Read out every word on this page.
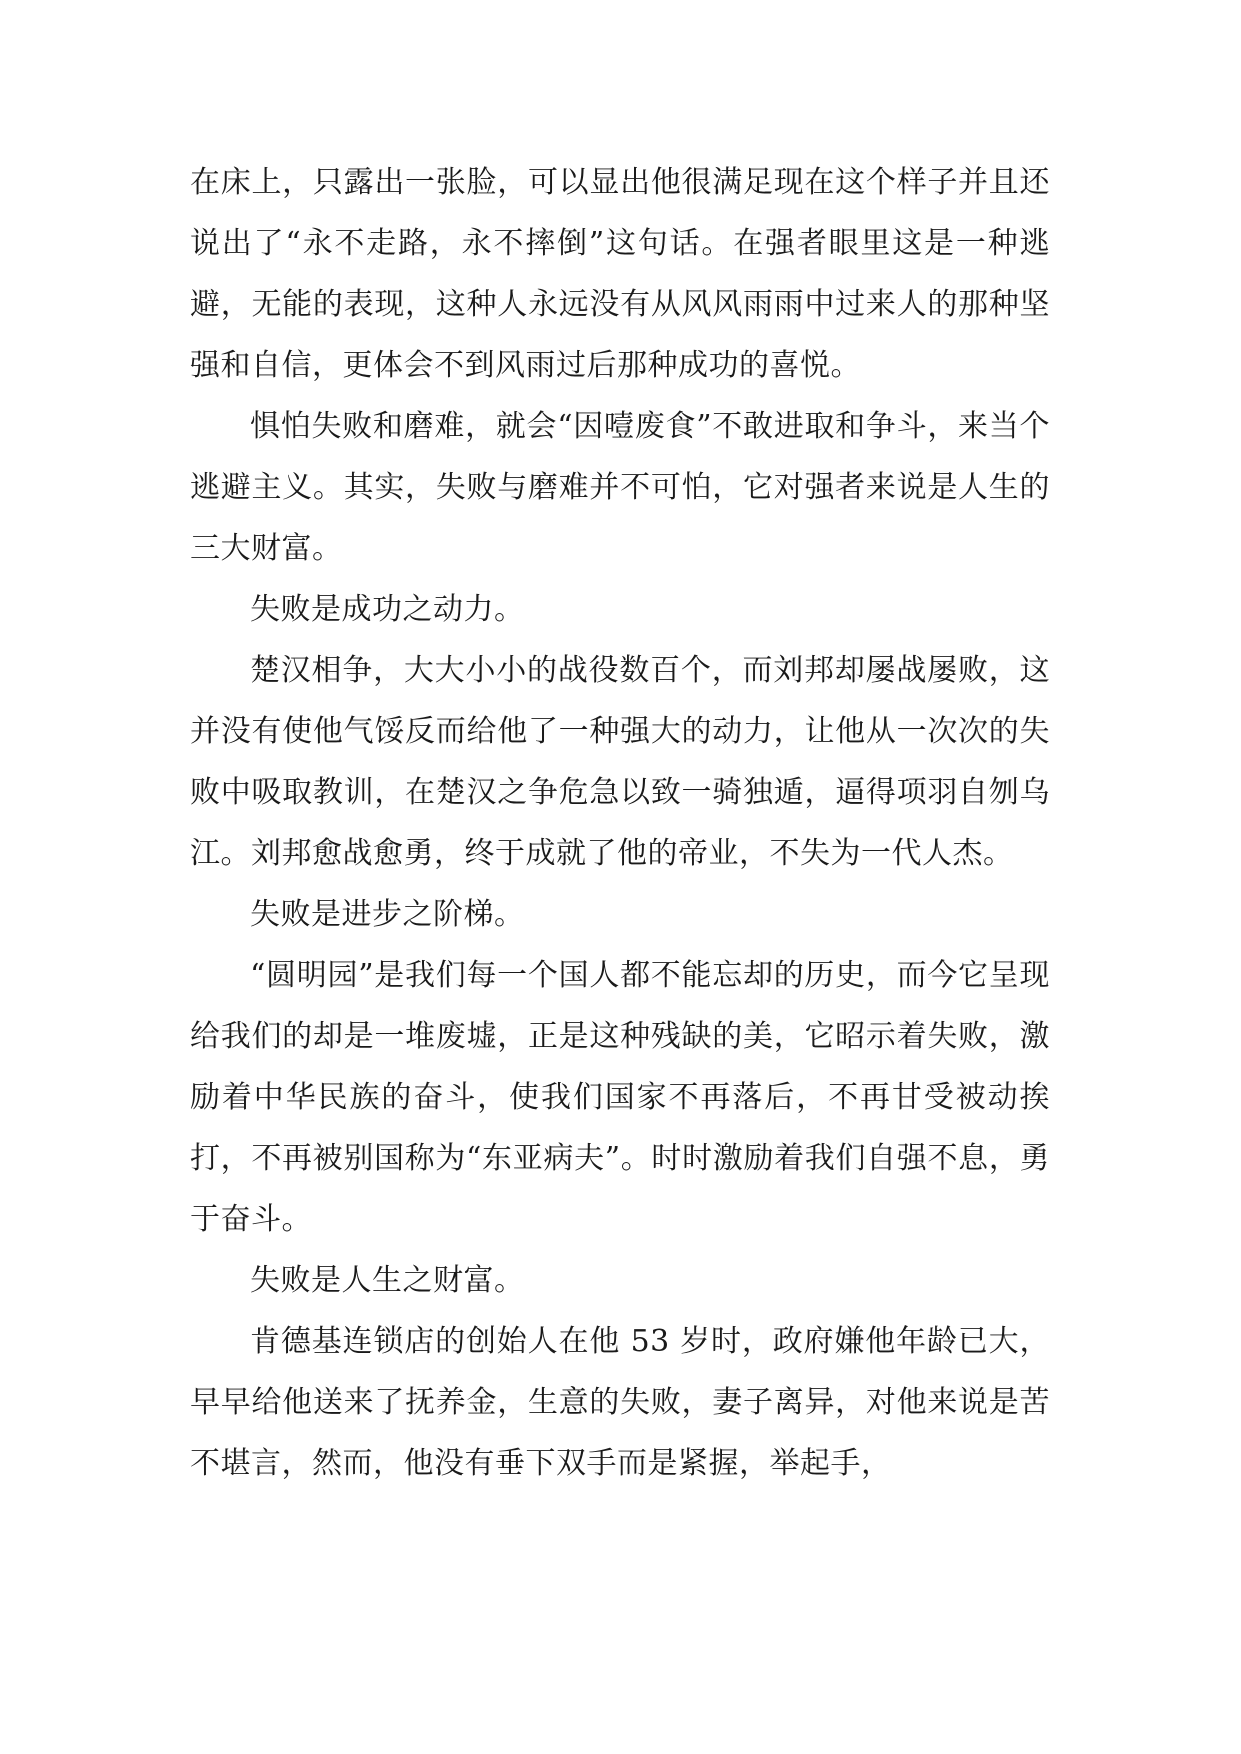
在床上，只露出一张脸，可以显出他很满足现在这个样子并且还说出了“永不走路，永不摔倒”这句话。在强者眼里这是一种逃避，无能的表现，这种人永远没有从风风雨雨中过来人的那种坚强和自信，更体会不到风雨过后那种成功的喜悦。

惧怕失败和磨难，就会“因噎废食”不敢进取和争斗，来当个逃避主义。其实，失败与磨难并不可怕，它对强者来说是人生的三大财富。

失败是成功之动力。

楚汉相争，大大小小的战役数百个，而刘邦却屡战屡败，这并没有使他气馁反而给他了一种强大的动力，让他从一次次的失败中吸取教训，在楚汉之争危急以致一骑独遁，逼得项羽自刎乌江。刘邦愈战愈勇，终于成就了他的帝业，不失为一代人杰。

失败是进步之阶梯。

“圆明园”是我们每一个国人都不能忘却的历史，而今它呈现给我们的却是一堆废墟，正是这种残缺的美，它昭示着失败，激励着中华民族的奋斗，使我们国家不再落后，不再甘受被动挨打，不再被别国称为“东亚病夫”。时时激励着我们自强不息，勇于奋斗。

失败是人生之财富。

肯德基连锁店的创始人在他 53 岁时，政府嫌他年龄已大，早早给他送来了抚养金，生意的失败，妻子离异，对他来说是苦不堪言，然而，他没有垂下双手而是紧握，举起手，
